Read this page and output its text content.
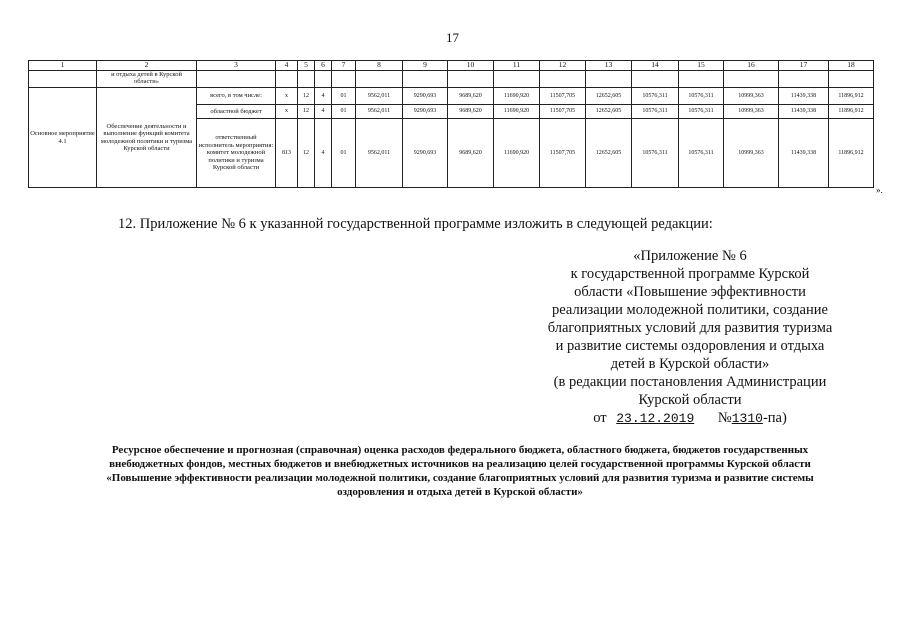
17
1	2	3	4	5	6	7	8	9	10	11	12	13	14	15	16	17	18
	и отдыха детей в Курской области»																
Основное мероприятие 4.1	Обеспечение деятельности и выполнение функций комитета молодежной политики и туризма Курской области	всего, в том числе:	х	12	4	01	9562,011	9290,693	9689,620	11690,920	11507,705	12652,605	10576,311	10576,311	10999,363	11439,338	11896,912
		областной бюджет	х	12	4	01	9562,011	9290,693	9689,620	11690,920	11507,705	12652,605	10576,311	10576,311	10999,363	11439,338	11896,912
		ответственный исполнитель мероприятия: комитет молодежной политики и туризма Курской области	813	12	4	01	9562,011	9290,693	9689,620	11690,920	11507,705	12652,605	10576,311	10576,311	10999,363	11439,338	11896,912
».
12. Приложение № 6 к указанной государственной программе изложить в следующей редакции:
«Приложение № 6
к государственной программе Курской
области «Повышение эффективности
реализации молодежной политики, создание
благоприятных условий для развития туризма
и развитие системы оздоровления и отдыха
детей в Курской области»
(в редакции постановления Администрации
Курской области
от 23.12.2019 №1310-па)
Ресурсное обеспечение и прогнозная (справочная) оценка расходов федерального бюджета, областного бюджета, бюджетов государственных внебюджетных фондов, местных бюджетов и внебюджетных источников на реализацию целей государственной программы Курской области «Повышение эффективности реализации молодежной политики, создание благоприятных условий для развития туризма и развитие системы оздоровления и отдыха детей в Курской области»
